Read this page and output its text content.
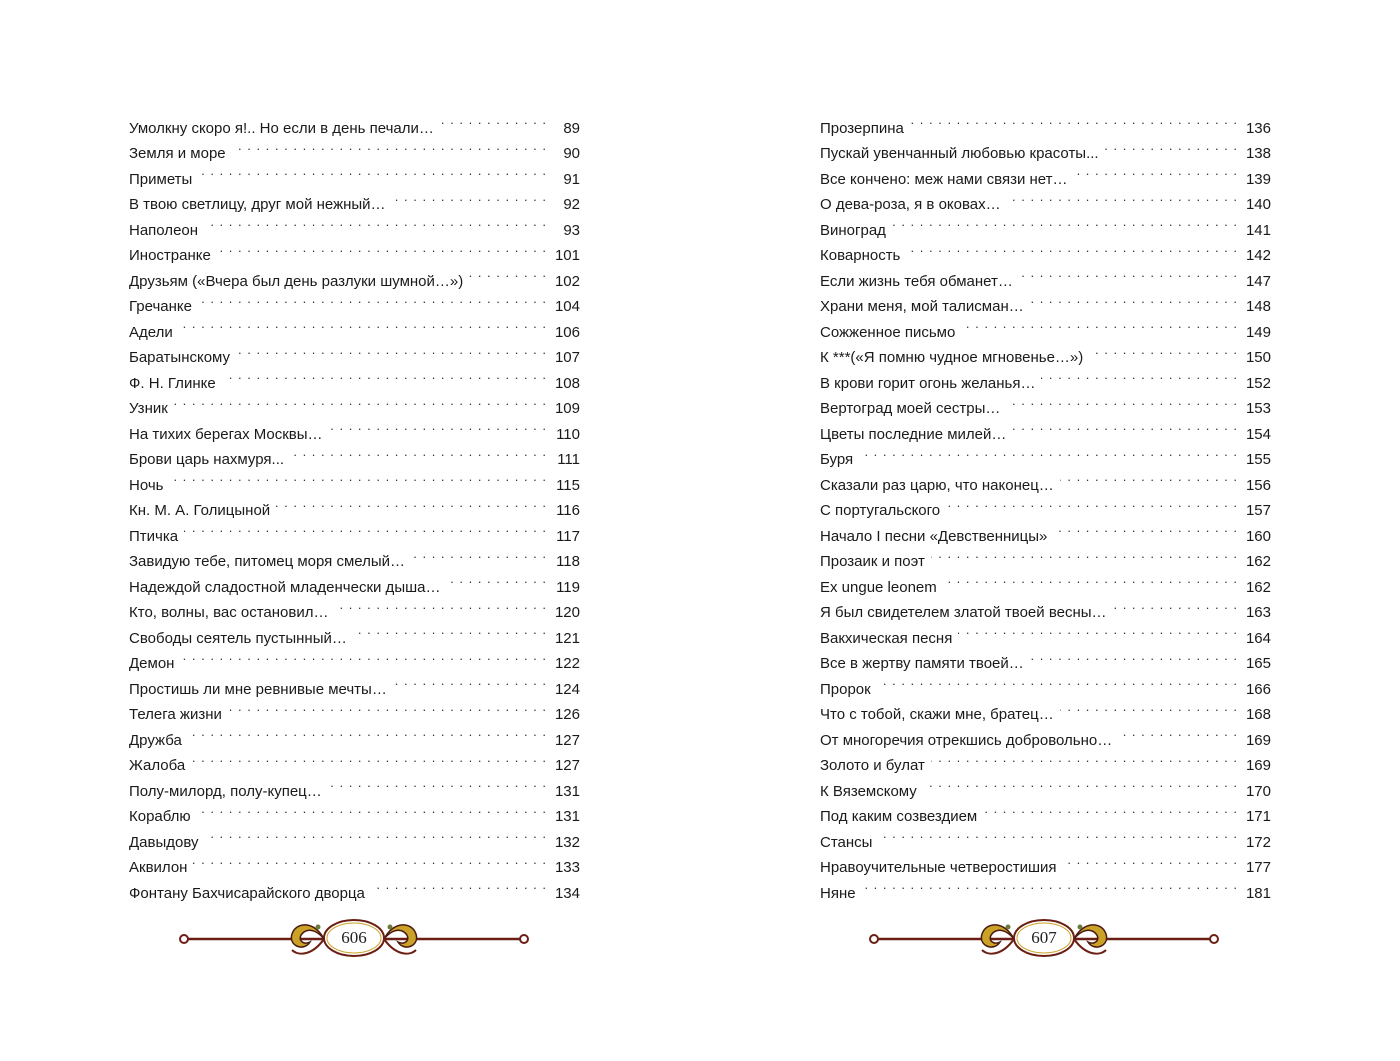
Умолкну скоро я!.. Но если в день печали… . . .	89
Земля и море . . .	90
Приметы . . .	91
В твою светлицу, друг мой нежный… . . .	92
Наполеон . . .	93
Иностранке . . .	101
Друзьям («Вчера был день разлуки шумной…») . . .	102
Гречанке . . .	104
Адели . . .	106
Баратынскому . . .	107
Ф. Н. Глинке . . .	108
Узник . . .	109
На тихих берегах Москвы… . . .	110
Брови царь нахмуря... . . .	111
Ночь . . .	115
Кн. М. А. Голицыной . . .	116
Птичка . . .	117
Завидую тебе, питомец моря смелый… . . .	118
Надеждой сладостной младенчески дыша… . . .	119
Кто, волны, вас остановил… . . .	120
Свободы сеятель пустынный… . . .	121
Демон . . .	122
Простишь ли мне ревнивые мечты… . . .	124
Телега жизни . . .	126
Дружба . . .	127
Жалоба . . .	127
Полу-милорд, полу-купец… . . .	131
Кораблю . . .	131
Давыдову . . .	132
Аквилон . . .	133
Фонтану Бахчисарайского дворца . . .	134
606
Прозерпина . . .	136
Пускай увенчанный любовью красоты... . . .	138
Все кончено: меж нами связи нет… . . .	139
О дева-роза, я в оковах… . . .	140
Виноград . . .	141
Коварность . . .	142
Если жизнь тебя обманет… . . .	147
Храни меня, мой талисман… . . .	148
Сожженное письмо . . .	149
К ***(«Я помню чудное мгновенье…») . . .	150
В крови горит огонь желанья… . . .	152
Вертоград моей сестры… . . .	153
Цветы последние милей… . . .	154
Буря . . .	155
Сказали раз царю, что наконец… . . .	156
С португальского . . .	157
Начало I песни «Девственницы» . . .	160
Прозаик и поэт . . .	162
Ex ungue leonem . . .	162
Я был свидетелем златой твоей весны… . . .	163
Вакхическая песня . . .	164
Все в жертву памяти твоей… . . .	165
Пророк . . .	166
Что с тобой, скажи мне, братец… . . .	168
От многоречия отрекшись добровольно… . . .	169
Золото и булат . . .	169
К Вяземскому . . .	170
Под каким созвездием . . .	171
Стансы . . .	172
Нравоучительные четверостишия . . .	177
Няне . . .	181
607
